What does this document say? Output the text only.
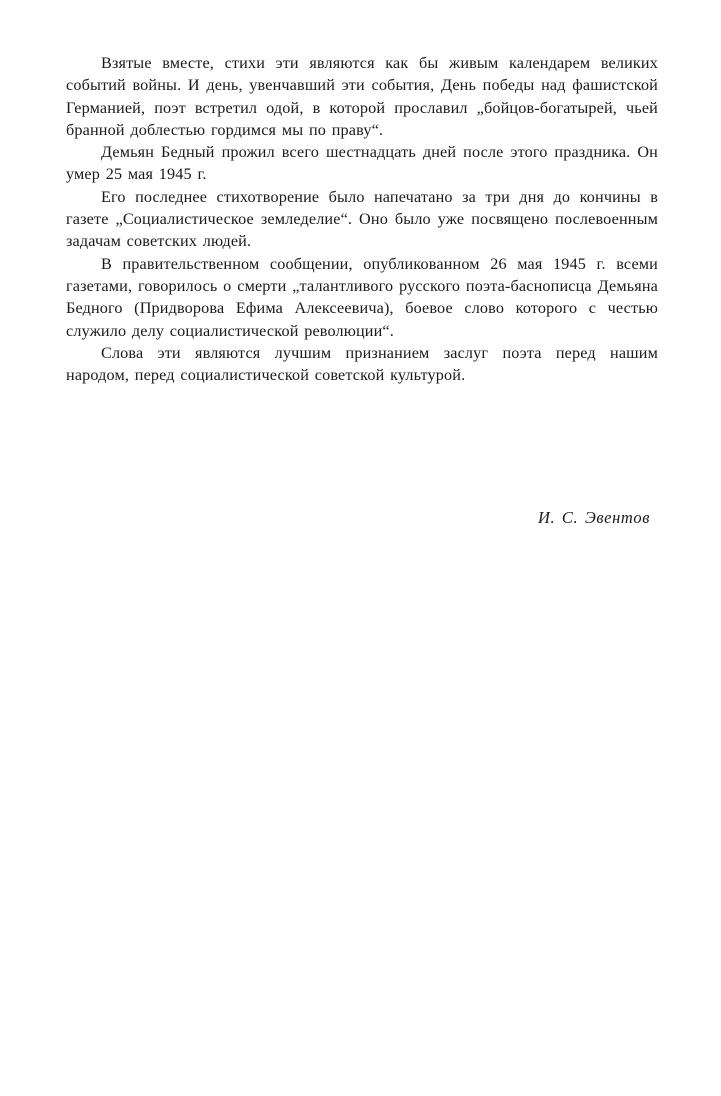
Взятые вместе, стихи эти являются как бы живым календарем великих событий войны. И день, увенчавший эти события, День победы над фашистской Германией, поэт встретил одой, в которой прославил „бойцов-богатырей, чьей бранной доблестью гордимся мы по праву“.

Демьян Бедный прожил всего шестнадцать дней после этого праздника. Он умер 25 мая 1945 г.

Его последнее стихотворение было напечатано за три дня до кончины в газете „Социалистическое земледелие“. Оно было уже посвящено послевоенным задачам советских людей.

В правительственном сообщении, опубликованном 26 мая 1945 г. всеми газетами, говорилось о смерти „талантливого русского поэта-баснописца Демьяна Бедного (Придворова Ефима Алексеевича), боевое слово которого с честью служило делу социалистической революции“.

Слова эти являются лучшим признанием заслуг поэта перед нашим народом, перед социалистической советской культурой.

И. С. Эвентов
